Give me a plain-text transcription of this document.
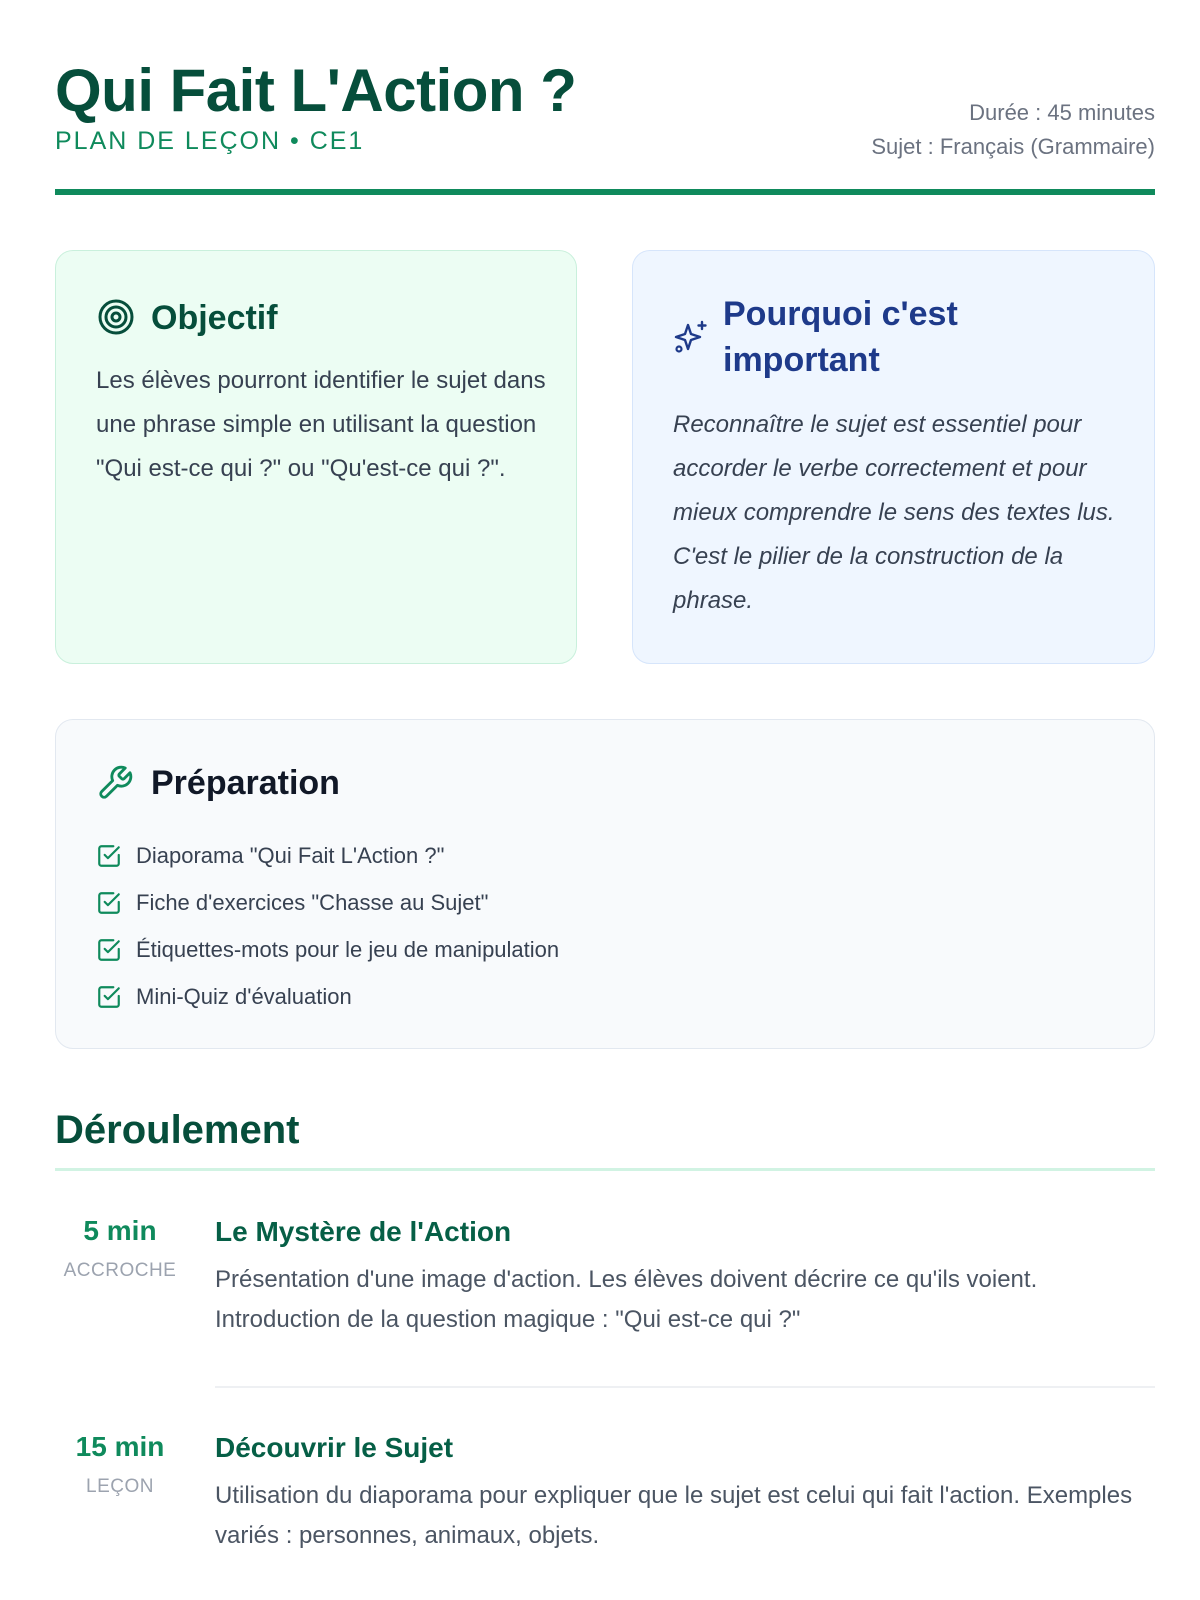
Qui Fait L'Action ?
PLAN DE LEÇON • CE1
Durée : 45 minutes
Sujet : Français (Grammaire)
Objectif

Les élèves pourront identifier le sujet dans une phrase simple en utilisant la question "Qui est-ce qui ?" ou "Qu'est-ce qui ?".

Pourquoi c'est important

Reconnaître le sujet est essentiel pour accorder le verbe correctement et pour mieux comprendre le sens des textes lus. C'est le pilier de la construction de la phrase.

Préparation
Diaporama "Qui Fait L'Action ?"
Fiche d'exercices "Chasse au Sujet"
Étiquettes-mots pour le jeu de manipulation
Mini-Quiz d'évaluation
Déroulement
5 min
ACCROCHE
Le Mystère de l'Action

Présentation d'une image d'action. Les élèves doivent décrire ce qu'ils voient. Introduction de la question magique : "Qui est-ce qui ?"

15 min
LEÇON
Découvrir le Sujet

Utilisation du diaporama pour expliquer que le sujet est celui qui fait l'action. Exemples variés : personnes, animaux, objets.
